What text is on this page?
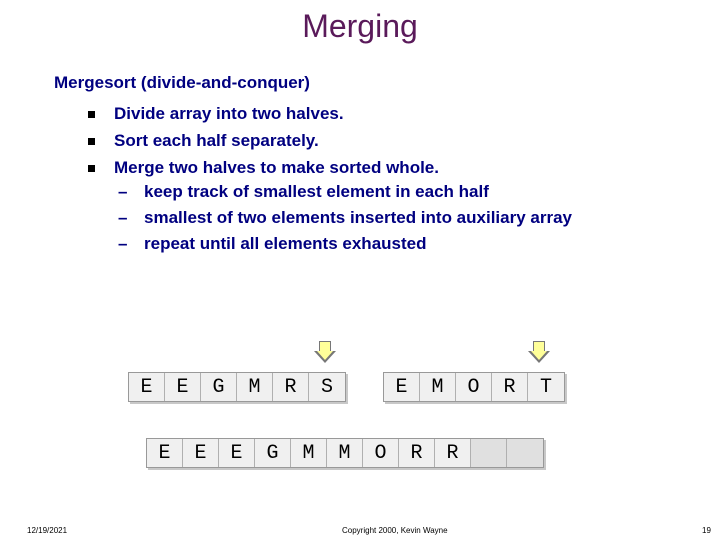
Merging
Mergesort (divide-and-conquer)
Divide array into two halves.
Sort each half separately.
Merge two halves to make sorted whole.
– keep track of smallest element in each half
– smallest of two elements inserted into auxiliary array
– repeat until all elements exhausted
E	E	G	M	R	S	E	M	O	R	T
E	E	E	G	M	M	O	R	R
12/19/2021	Copyright 2000, Kevin Wayne	19
